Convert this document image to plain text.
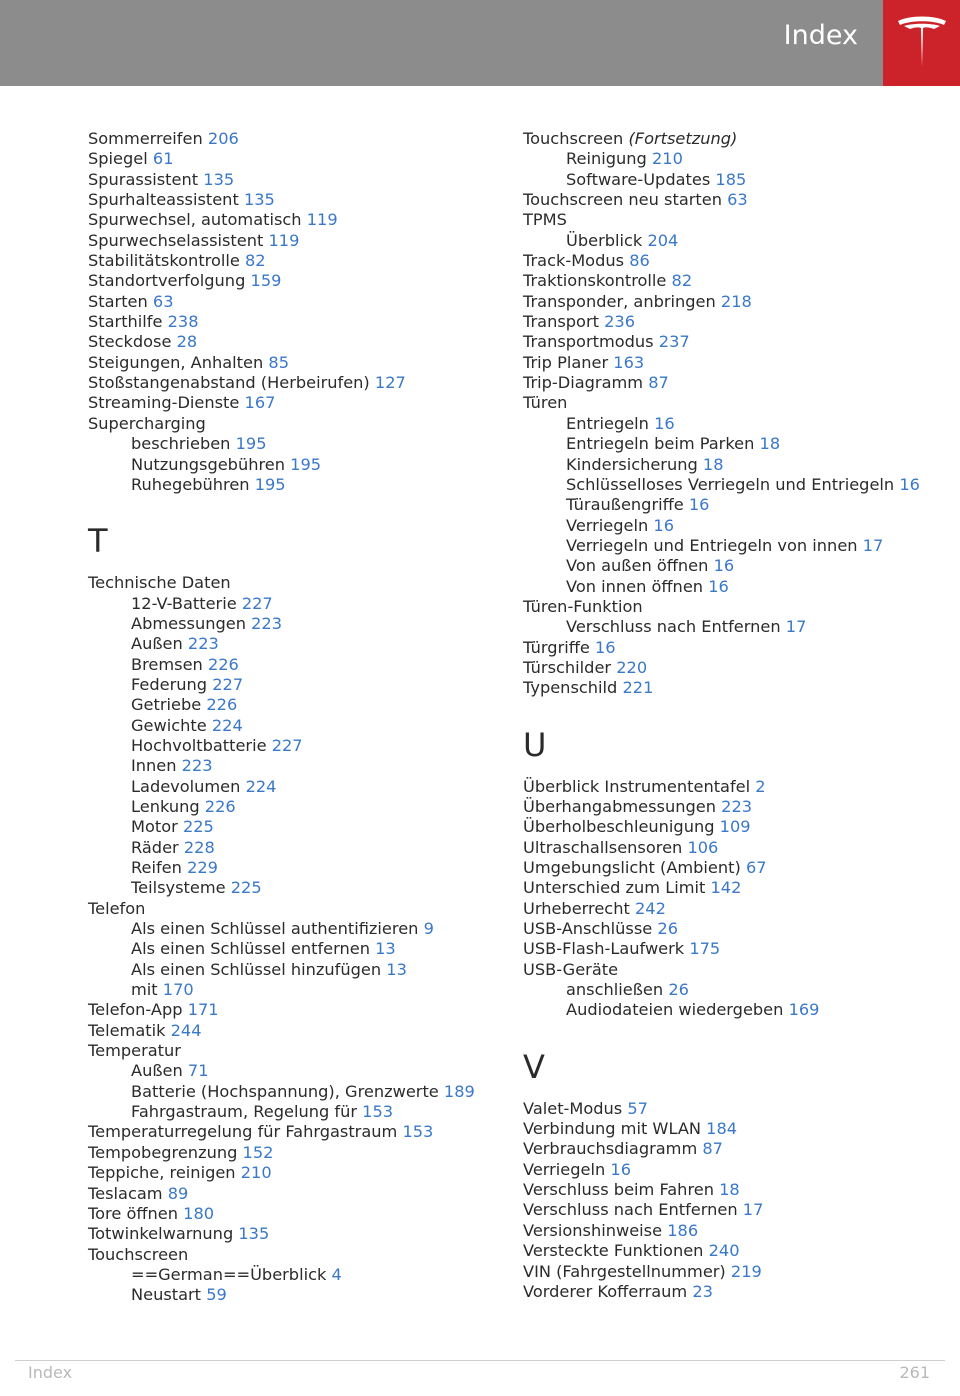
Index
Sommerreifen 206
Spiegel 61
Spurassistent 135
Spurhalteassistent 135
Spurwechsel, automatisch 119
Spurwechselassistent 119
Stabilitätskontrolle 82
Standortverfolgung 159
Starten 63
Starthilfe 238
Steckdose 28
Steigungen, Anhalten 85
Stoßstangenabstand (Herbeirufen) 127
Streaming-Dienste 167
Supercharging
beschrieben 195
Nutzungsgebühren 195
Ruhegebühren 195
T
Technische Daten
12-V-Batterie 227
Abmessungen 223
Außen 223
Bremsen 226
Federung 227
Getriebe 226
Gewichte 224
Hochvoltbatterie 227
Innen 223
Ladevolumen 224
Lenkung 226
Motor 225
Räder 228
Reifen 229
Teilsysteme 225
Telefon
Als einen Schlüssel authentifizieren 9
Als einen Schlüssel entfernen 13
Als einen Schlüssel hinzufügen 13
mit 170
Telefon-App 171
Telematik 244
Temperatur
Außen 71
Batterie (Hochspannung), Grenzwerte 189
Fahrgastraum, Regelung für 153
Temperaturregelung für Fahrgastraum 153
Tempobegrenzung 152
Teppiche, reinigen 210
Teslacam 89
Tore öffnen 180
Totwinkelwarnung 135
Touchscreen
==German==Überblick 4
Neustart 59
Touchscreen (Fortsetzung)
Reinigung 210
Software-Updates 185
Touchscreen neu starten 63
TPMS
Überblick 204
Track-Modus 86
Traktionskontrolle 82
Transponder, anbringen 218
Transport 236
Transportmodus 237
Trip Planer 163
Trip-Diagramm 87
Türen
Entriegeln 16
Entriegeln beim Parken 18
Kindersicherung 18
Schlüsselloses Verriegeln und Entriegeln 16
Türaußengriffe 16
Verriegeln 16
Verriegeln und Entriegeln von innen 17
Von außen öffnen 16
Von innen öffnen 16
Türen-Funktion
Verschluss nach Entfernen 17
Türgriffe 16
Türschilder 220
Typenschild 221
U
Überblick Instrumententafel 2
Überhangabmessungen 223
Überholbeschleunigung 109
Ultraschallsensoren 106
Umgebungslicht (Ambient) 67
Unterschied zum Limit 142
Urheberrecht 242
USB-Anschlüsse 26
USB-Flash-Laufwerk 175
USB-Geräte
anschließen 26
Audiodateien wiedergeben 169
V
Valet-Modus 57
Verbindung mit WLAN 184
Verbrauchsdiagramm 87
Verriegeln 16
Verschluss beim Fahren 18
Verschluss nach Entfernen 17
Versionshinweise 186
Versteckte Funktionen 240
VIN (Fahrgestellnummer) 219
Vorderer Kofferraum 23
Index	261
